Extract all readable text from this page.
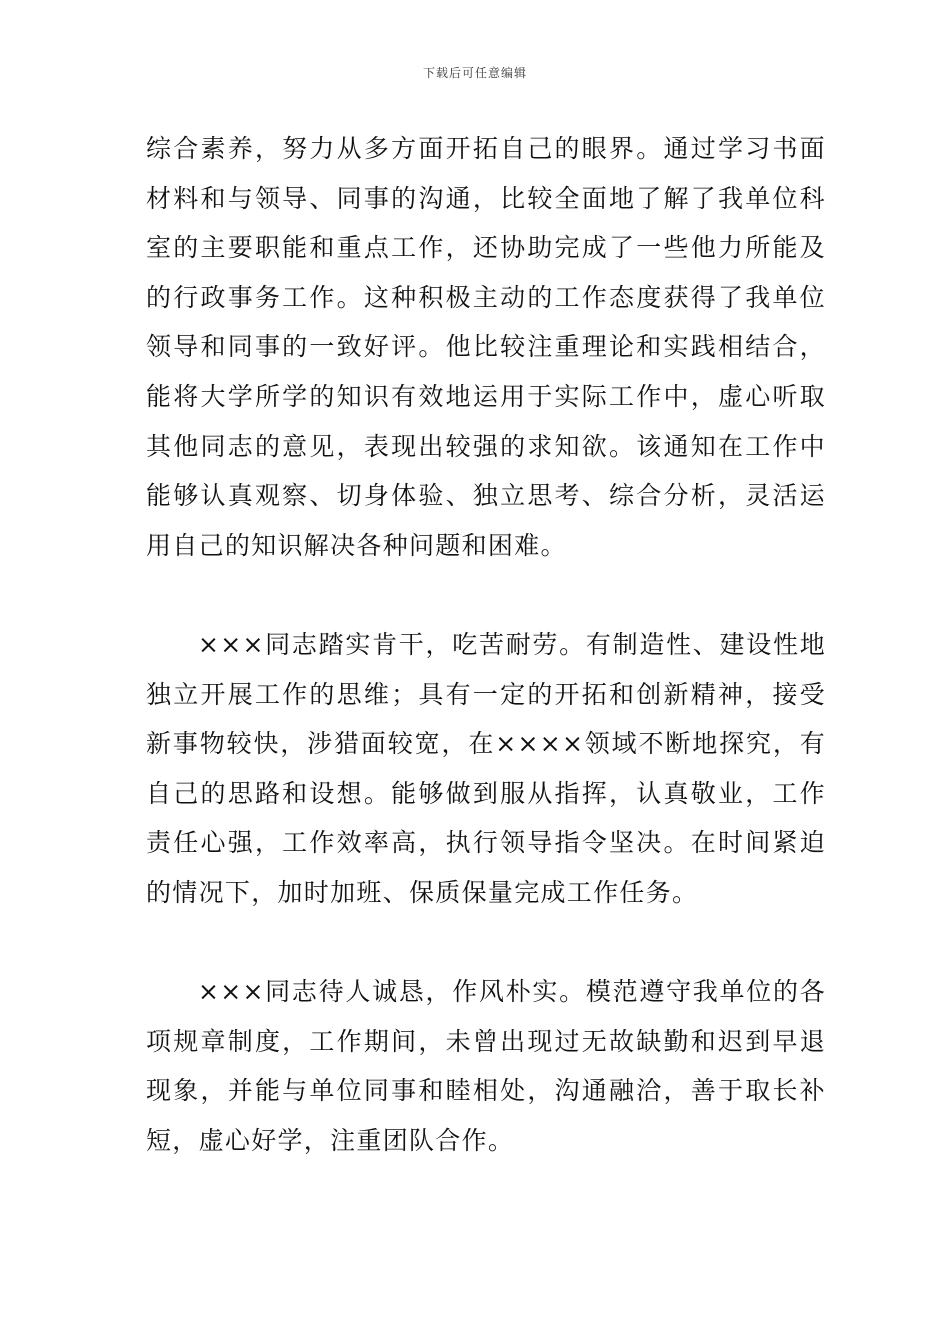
下载后可任意编辑

综合素养，努力从多方面开拓自己的眼界。通过学习书面材料和与领导、同事的沟通，比较全面地了解了我单位科室的主要职能和重点工作，还协助完成了一些他力所能及的行政事务工作。这种积极主动的工作态度获得了我单位领导和同事的一致好评。他比较注重理论和实践相结合，能将大学所学的知识有效地运用于实际工作中，虚心听取其他同志的意见，表现出较强的求知欲。该通知在工作中能够认真观察、切身体验、独立思考、综合分析，灵活运用自己的知识解决各种问题和困难。

×××同志踏实肯干，吃苦耐劳。有制造性、建设性地独立开展工作的思维；具有一定的开拓和创新精神，接受新事物较快，涉猎面较宽，在××××领域不断地探究，有自己的思路和设想。能够做到服从指挥，认真敬业，工作责任心强，工作效率高，执行领导指令坚决。在时间紧迫的情况下，加时加班、保质保量完成工作任务。

×××同志待人诚恳，作风朴实。模范遵守我单位的各项规章制度，工作期间，未曾出现过无故缺勤和迟到早退现象，并能与单位同事和睦相处，沟通融洽，善于取长补短，虚心好学，注重团队合作。
